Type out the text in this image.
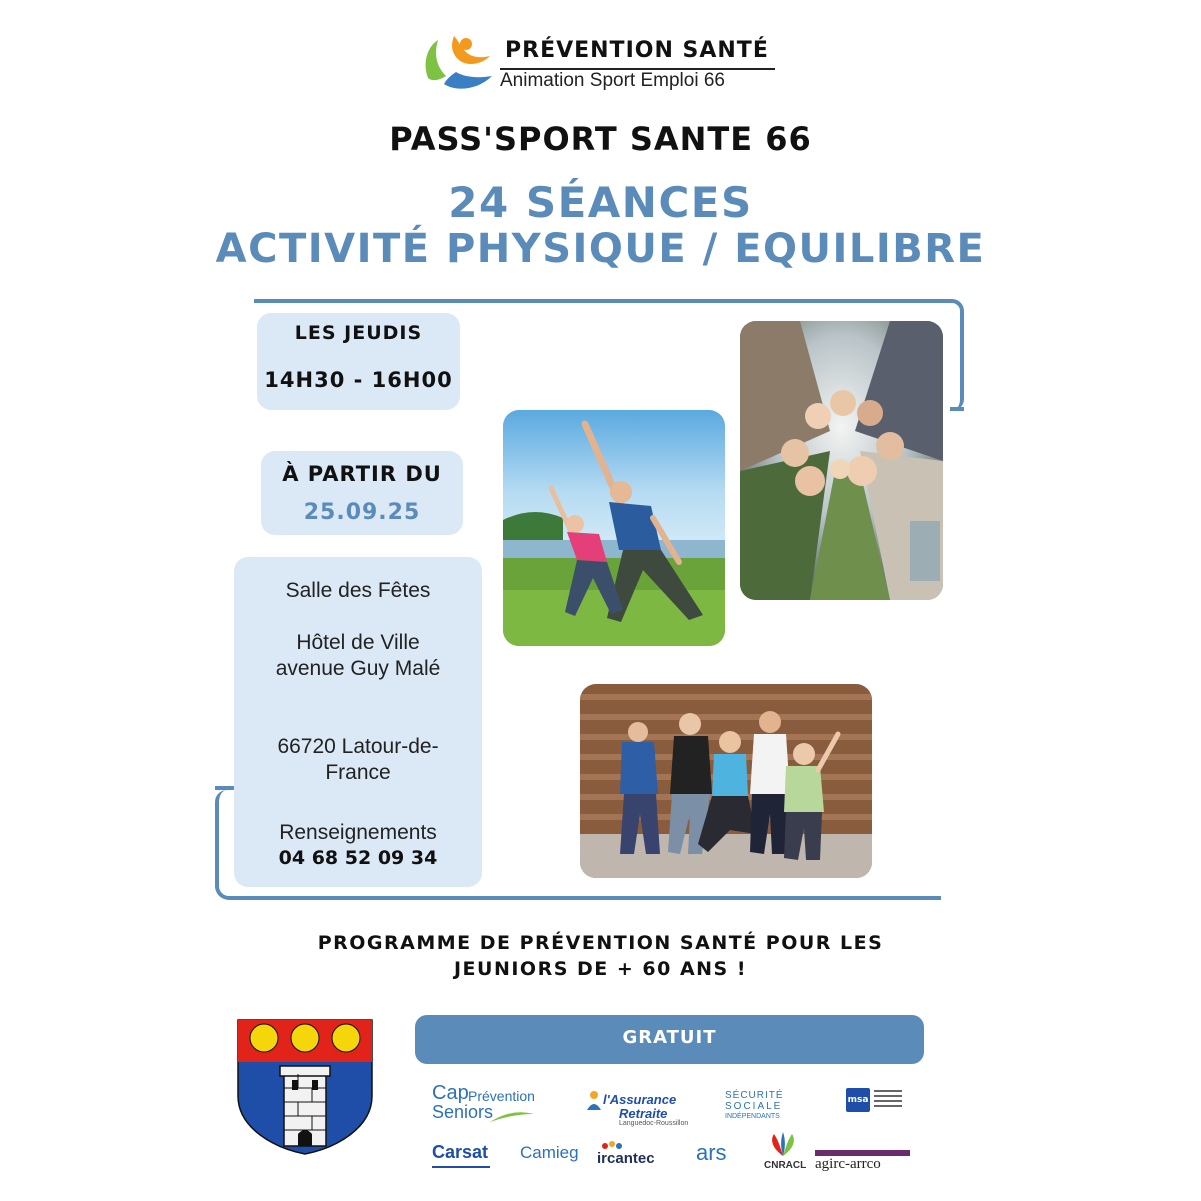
PRÉVENTION SANTÉ
Animation Sport Emploi 66
PASS'SPORT SANTE 66
24 SÉANCES
ACTIVITÉ PHYSIQUE / EQUILIBRE
LES JEUDIS
14H30 - 16H00
À PARTIR DU
25.09.25
Salle des Fêtes
Hôtel de Ville
avenue Guy Malé
66720 Latour-de-
France
Renseignements
04 68 52 09 34
PROGRAMME DE PRÉVENTION SANTÉ POUR LES
JEUNIORS DE + 60 ANS !
GRATUIT
Cap Prévention
Seniors
l'Assurance
Retraite
Languedoc-Roussillon
SÉCURITÉ
SOCIALE
INDÉPENDANTS
msa
Carsat Camieg ircantec ars
CNRACL agirc-arrco
